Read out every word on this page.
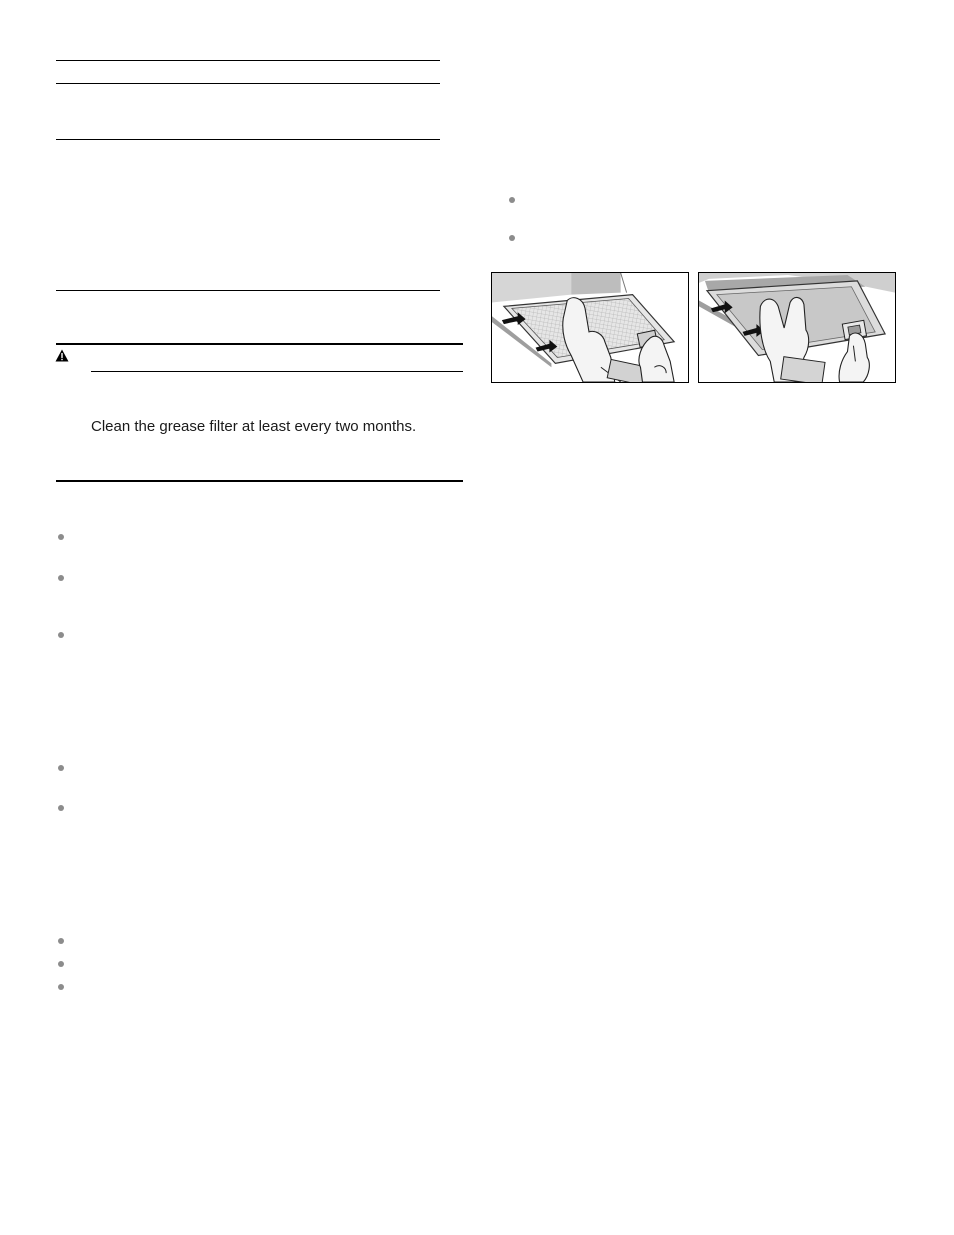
Clean the grease filter at least every two months.
